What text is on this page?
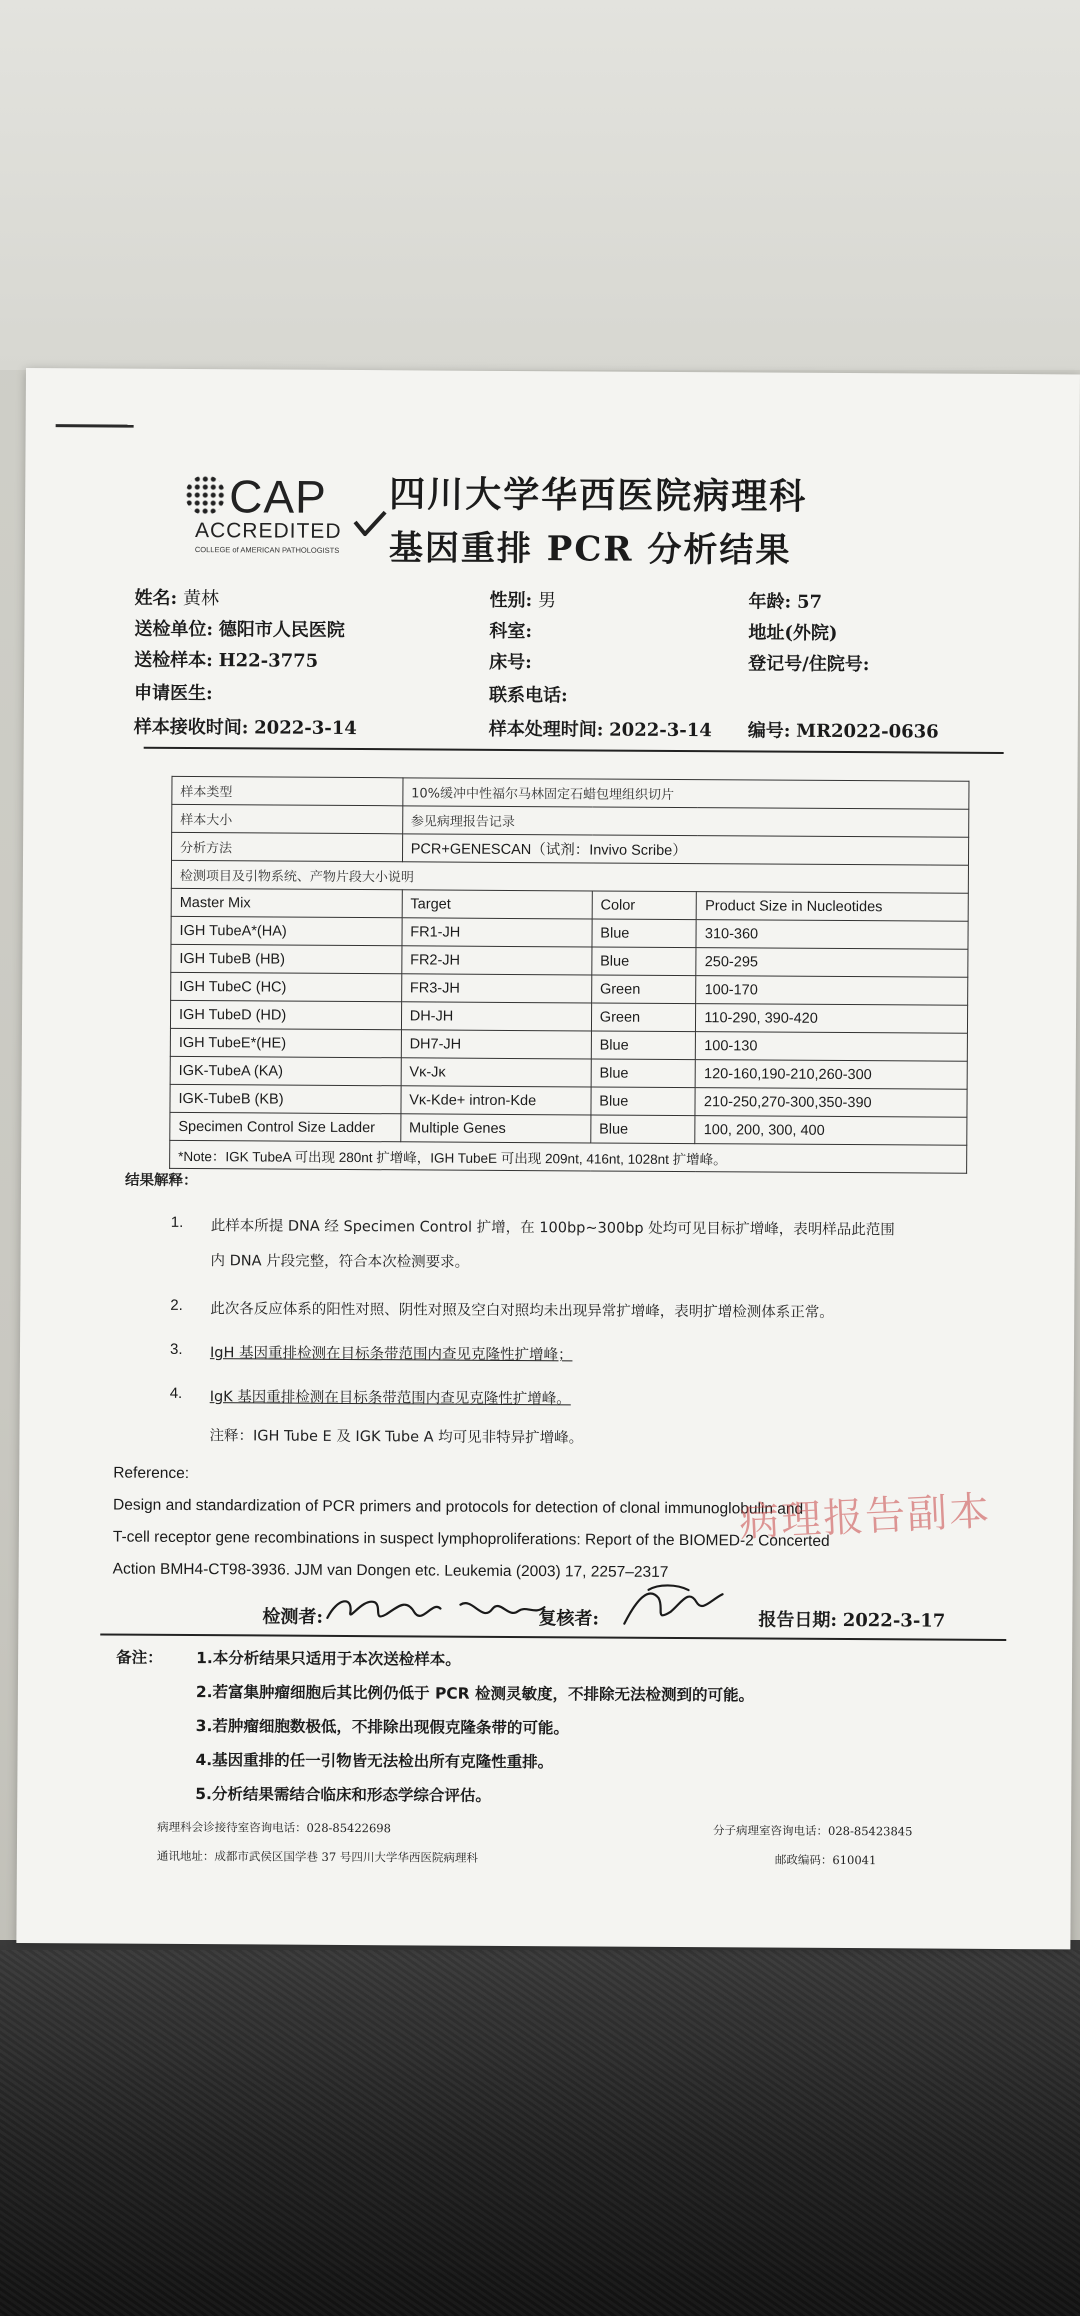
CAP
ACCREDITED
COLLEGE of AMERICAN PATHOLOGISTS
四川大学华西医院病理科
基因重排 PCR 分析结果
姓名: 黄林	性别: 男	年龄: 57
送检单位: 德阳市人民医院	科室:	地址(外院)
送检样本: H22-3775	床号:	登记号/住院号:
申请医生:	联系电话:
样本接收时间: 2022-3-14	样本处理时间: 2022-3-14 编号: MR2022-0636
样本类型	10%缓冲中性福尔马林固定石蜡包埋组织切片		
样本大小	参见病理报告记录		
分析方法	PCR+GENESCAN（试剂：Invivo Scribe）		
检测项目及引物系统、产物片段大小说明			
Master Mix	Target	Color	Product Size in Nucleotides
IGH TubeA*(HA)	FR1-JH	Blue	310-360
IGH TubeB (HB)	FR2-JH	Blue	250-295
IGH TubeC (HC)	FR3-JH	Green	100-170
IGH TubeD (HD)	DH-JH	Green	110-290, 390-420
IGH TubeE*(HE)	DH7-JH	Blue	100-130
IGK-TubeA (KA)	Vκ-Jκ	Blue	120-160,190-210,260-300
IGK-TubeB (KB)	Vκ-Kde+ intron-Kde	Blue	210-250,270-300,350-390
Specimen Control Size Ladder	Multiple Genes	Blue	100, 200, 300, 400
*Note：IGK TubeA 可出现 280nt 扩增峰，IGH TubeE 可出现 209nt, 416nt, 1028nt 扩增峰。			
结果解释：
1. 此样本所提 DNA 经 Specimen Control 扩增，在 100bp~300bp 处均可见目标扩增峰，表明样品此范围
内 DNA 片段完整，符合本次检测要求。
2. 此次各反应体系的阳性对照、阴性对照及空白对照均未出现异常扩增峰，表明扩增检测体系正常。
3. IgH 基因重排检测在目标条带范围内查见克隆性扩增峰；
4. IgK 基因重排检测在目标条带范围内查见克隆性扩增峰。
注释：IGH Tube E 及 IGK Tube A 均可见非特异扩增峰。
Reference:
Design and standardization of PCR primers and protocols for detection of clonal immunoglobulin and
T-cell receptor gene recombinations in suspect lymphoproliferations: Report of the BIOMED-2 Concerted
Action BMH4-CT98-3936. JJM van Dongen etc. Leukemia (2003) 17, 2257–2317
病理报告副本
检测者:	复核者:	报告日期: 2022-3-17
备注： 1.本分析结果只适用于本次送检样本。
2.若富集肿瘤细胞后其比例仍低于 PCR 检测灵敏度，不排除无法检测到的可能。
3.若肿瘤细胞数极低，不排除出现假克隆条带的可能。
4.基因重排的任一引物皆无法检出所有克隆性重排。
5.分析结果需结合临床和形态学综合评估。
病理科会诊接待室咨询电话：028-85422698	分子病理室咨询电话：028-85423845
通讯地址：成都市武侯区国学巷 37 号四川大学华西医院病理科	邮政编码：610041
